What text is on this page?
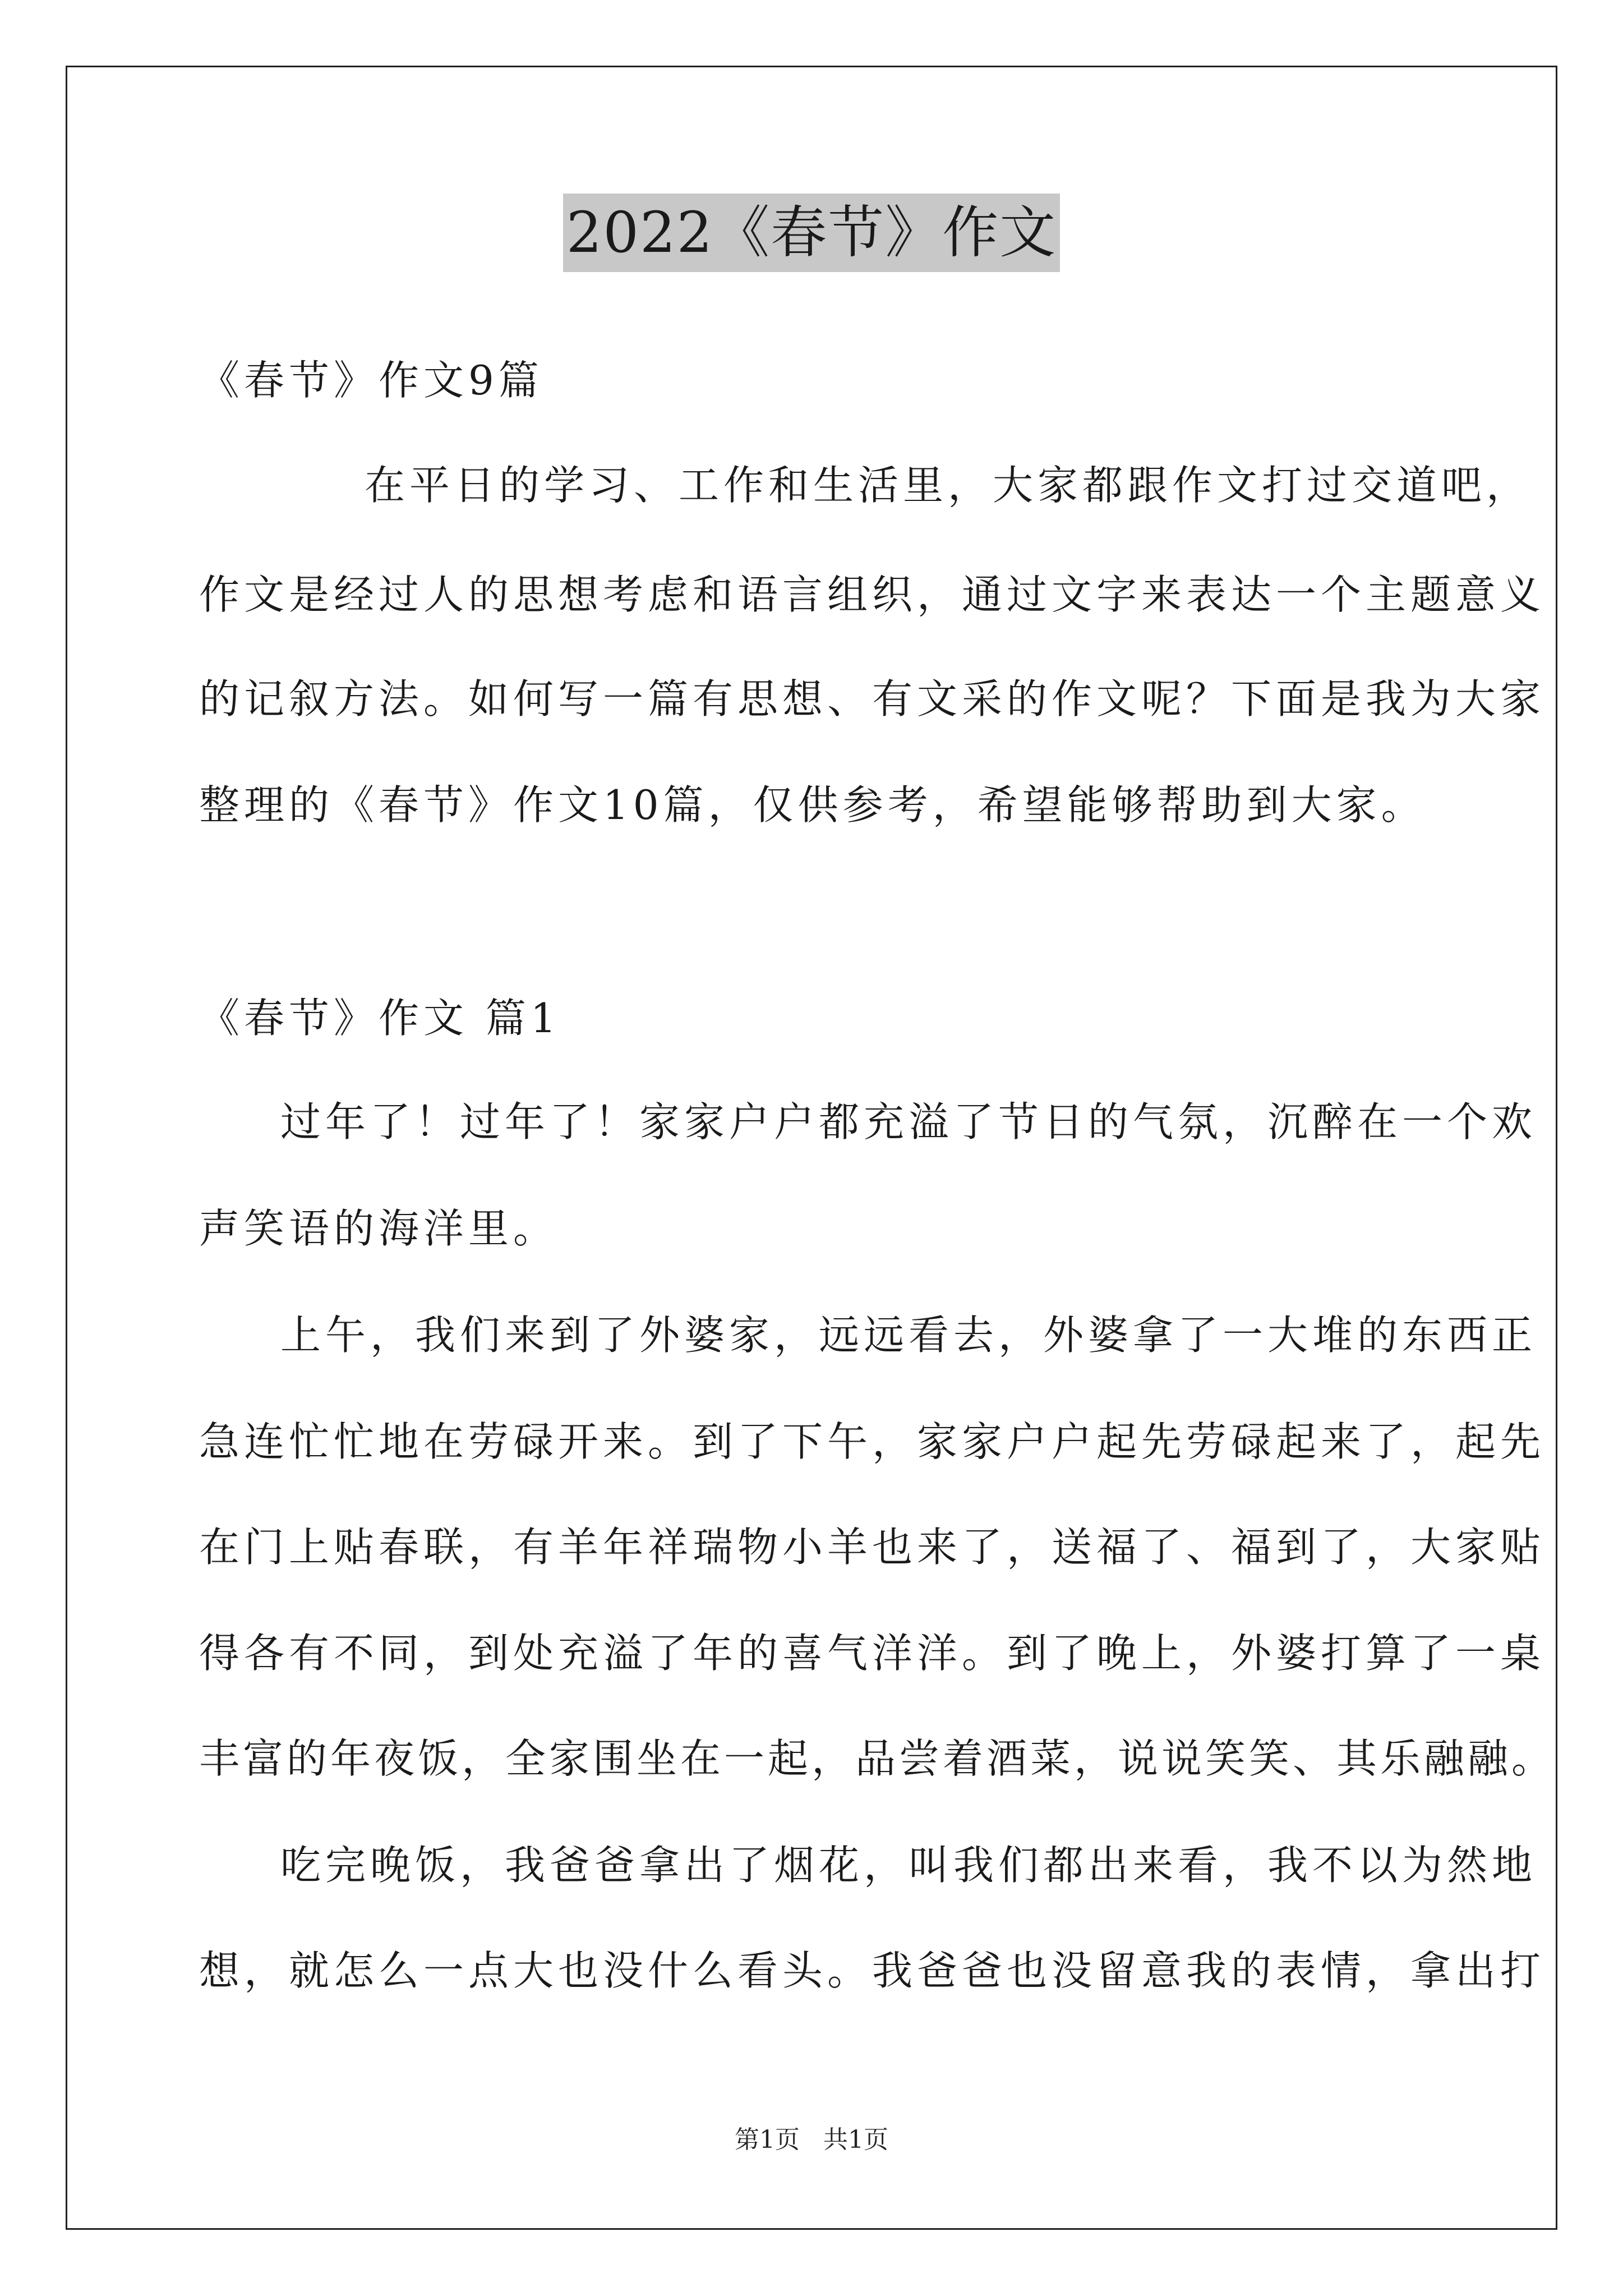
2022《春节》作文
《春节》作文9篇
在平日的学习、工作和生活里，大家都跟作文打过交道吧，
作文是经过人的思想考虑和语言组织，通过文字来表达一个主题意义
的记叙方法。如何写一篇有思想、有文采的作文呢？下面是我为大家
整理的《春节》作文10篇，仅供参考，希望能够帮助到大家。
《春节》作文 篇1
过年了！过年了！家家户户都充溢了节日的气氛，沉醉在一个欢
声笑语的海洋里。
上午，我们来到了外婆家，远远看去，外婆拿了一大堆的东西正
急连忙忙地在劳碌开来。到了下午，家家户户起先劳碌起来了，起先
在门上贴春联，有羊年祥瑞物小羊也来了，送福了、福到了，大家贴
得各有不同，到处充溢了年的喜气洋洋。到了晚上，外婆打算了一桌
丰富的年夜饭，全家围坐在一起，品尝着酒菜，说说笑笑、其乐融融。
吃完晚饭，我爸爸拿出了烟花，叫我们都出来看，我不以为然地
想，就怎么一点大也没什么看头。我爸爸也没留意我的表情，拿出打
第1页 共1页
